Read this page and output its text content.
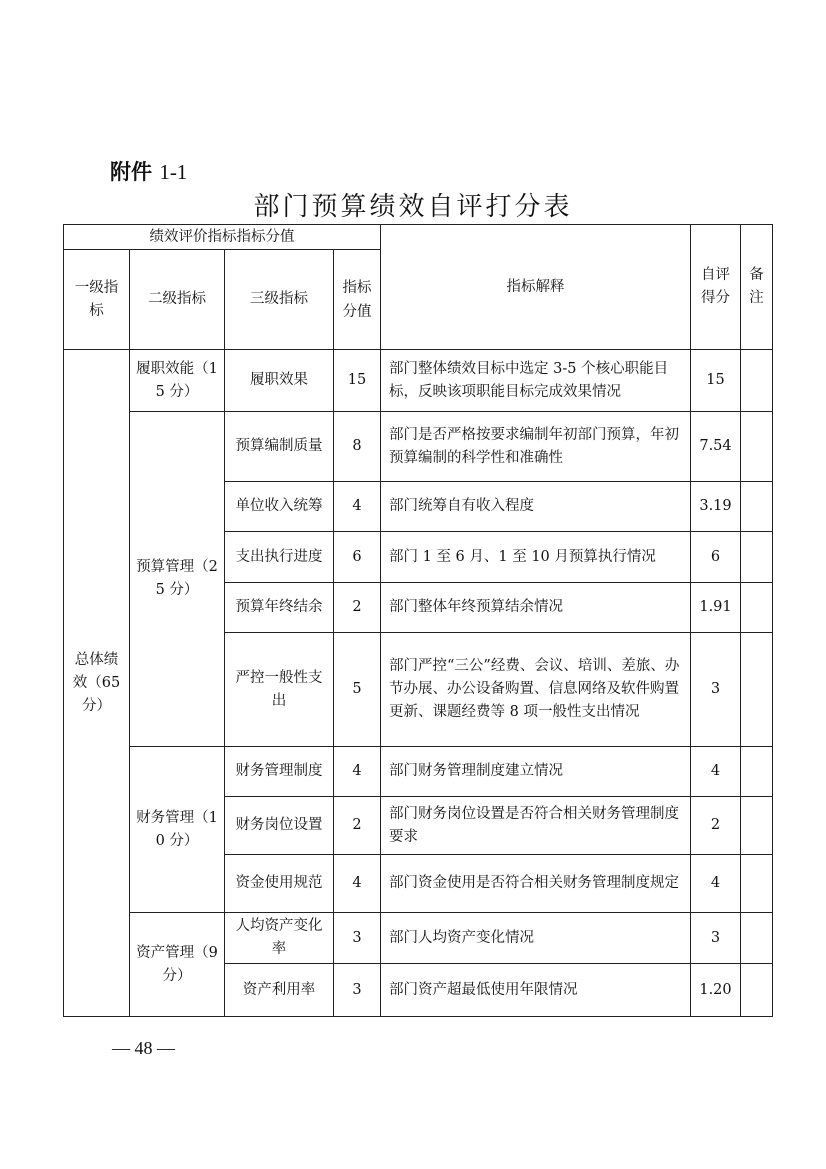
附件 1-1
部门预算绩效自评打分表
绩效评价指标指标分值				指标解释	自评得分	备注
一级指标	二级指标	三级指标	指标分值			
总体绩效（65分）	履职效能（15 分）	履职效果	15	部门整体绩效目标中选定 3-5 个核心职能目标，反映该项职能目标完成效果情况	15	
	预算管理（25 分）	预算编制质量	8	部门是否严格按要求编制年初部门预算，年初预算编制的科学性和准确性	7.54	
		单位收入统筹	4	部门统筹自有收入程度	3.19	
		支出执行进度	6	部门 1 至 6 月、1 至 10 月预算执行情况	6	
		预算年终结余	2	部门整体年终预算结余情况	1.91	
		严控一般性支出	5	部门严控“三公”经费、会议、培训、差旅、办节办展、办公设备购置、信息网络及软件购置更新、课题经费等 8 项一般性支出情况	3	
	财务管理（10 分）	财务管理制度	4	部门财务管理制度建立情况	4	
		财务岗位设置	2	部门财务岗位设置是否符合相关财务管理制度要求	2	
		资金使用规范	4	部门资金使用是否符合相关财务管理制度规定	4	
	资产管理（9 分）	人均资产变化率	3	部门人均资产变化情况	3	
		资产利用率	3	部门资产超最低使用年限情况	1.20	
— 48 —
